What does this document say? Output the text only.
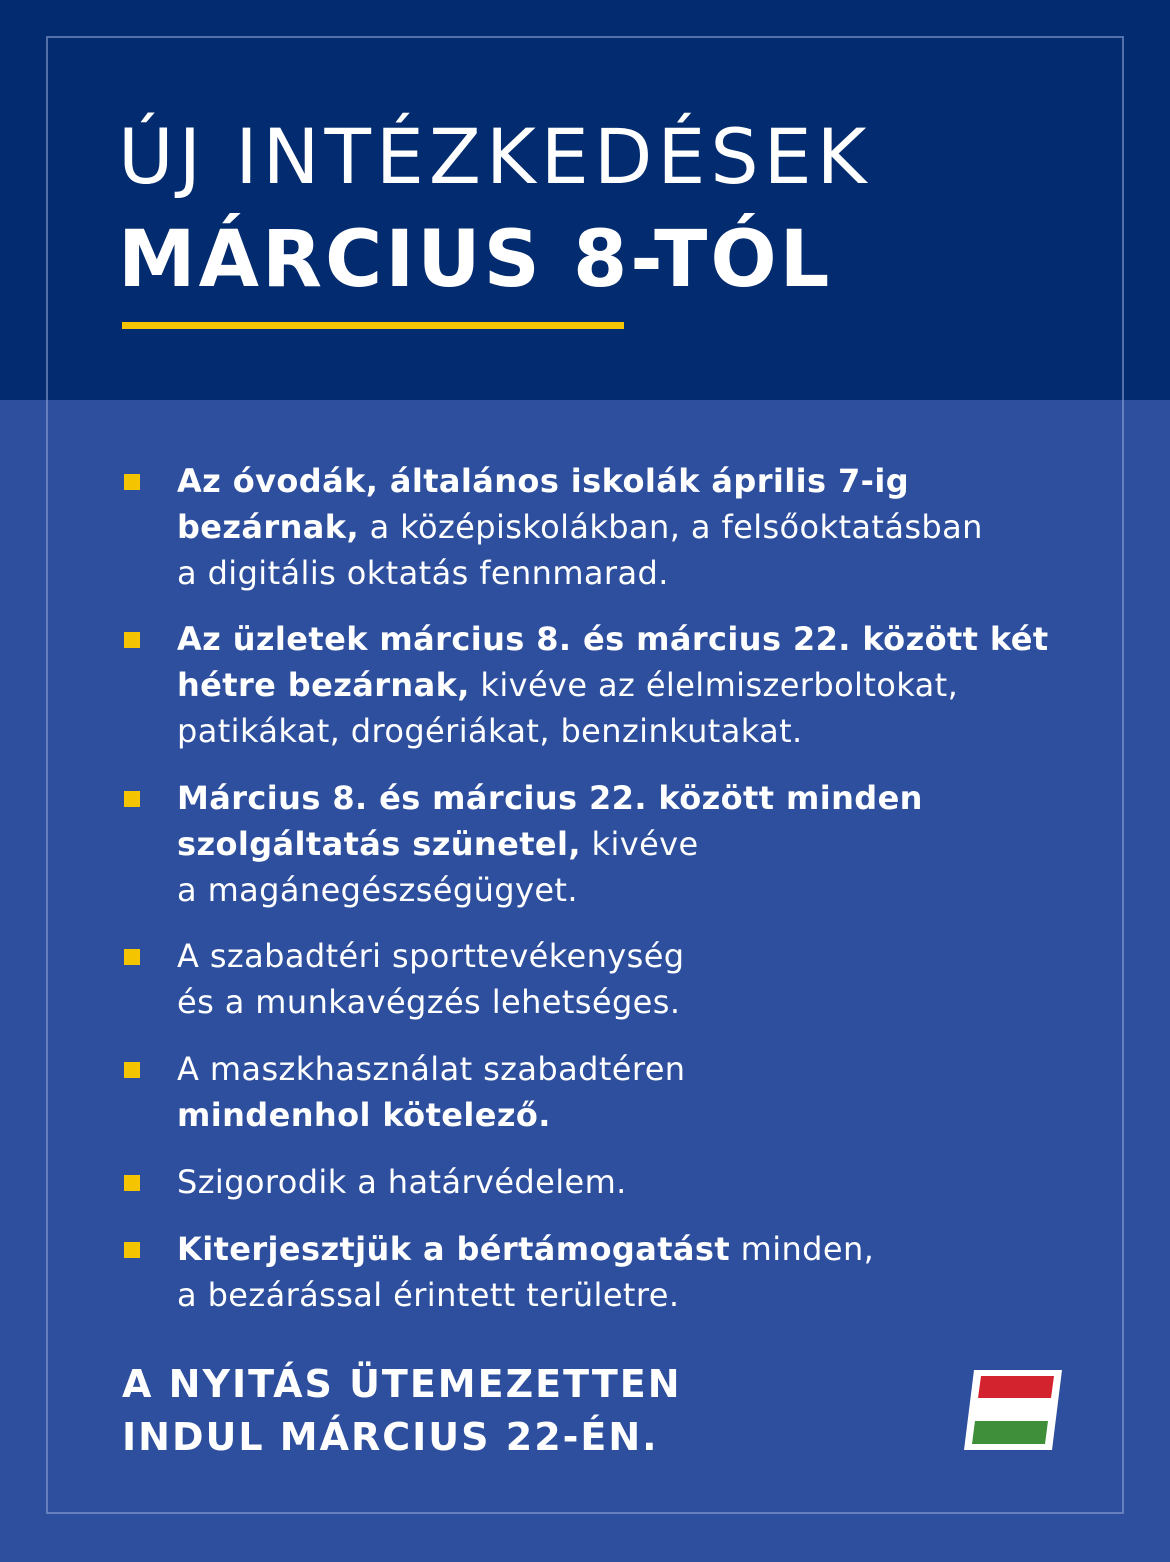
ÚJ INTÉZKEDÉSEK
MÁRCIUS 8-TÓL
Az óvodák, általános iskolák április 7-ig
bezárnak, a középiskolákban, a felsőoktatásban
a digitális oktatás fennmarad.
Az üzletek március 8. és március 22. között két
hétre bezárnak, kivéve az élelmiszerboltokat,
patikákat, drogériákat, benzinkutakat.
Március 8. és március 22. között minden
szolgáltatás szünetel, kivéve
a magánegészségügyet.
A szabadtéri sporttevékenység
és a munkavégzés lehetséges.
A maszkhasználat szabadtéren
mindenhol kötelező.
Szigorodik a határvédelem.
Kiterjesztjük a bértámogatást minden,
a bezárással érintett területre.
A NYITÁS ÜTEMEZETTEN
INDUL MÁRCIUS 22-ÉN.
